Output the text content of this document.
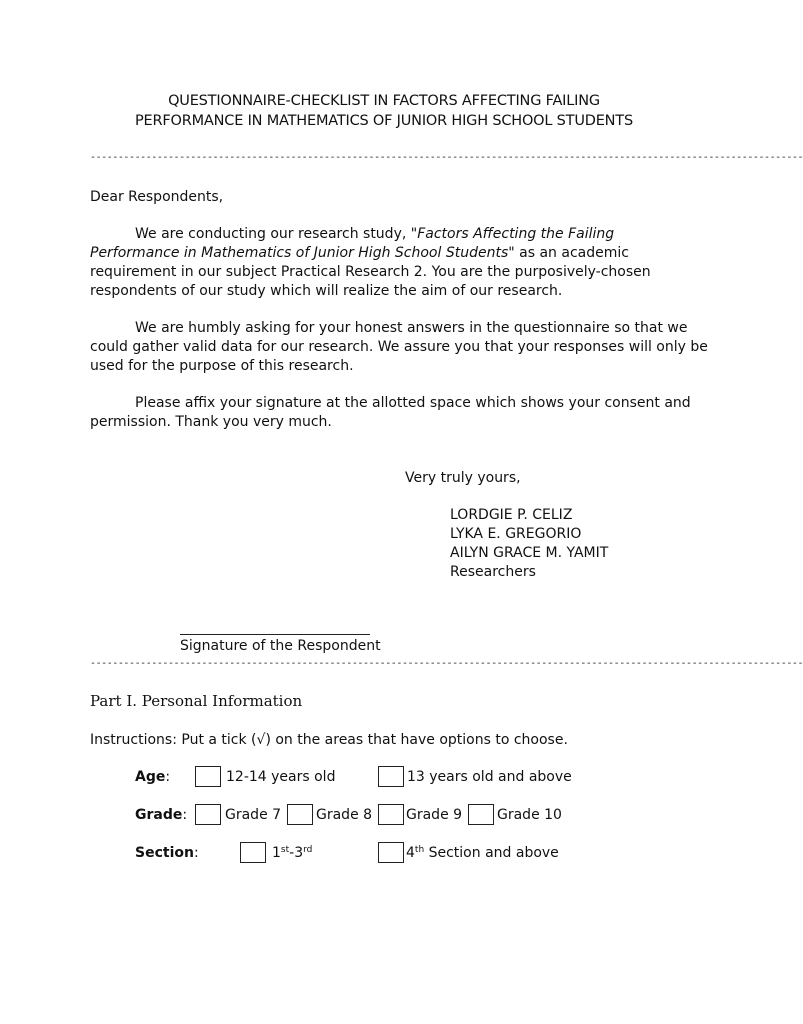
QUESTIONNAIRE-CHECKLIST IN FACTORS AFFECTING FAILING
PERFORMANCE IN MATHEMATICS OF JUNIOR HIGH SCHOOL STUDENTS
--------------------------------------------------------------------------------------------------------------------------------
Dear Respondents,
We are conducting our research study, "Factors Affecting the Failing
Performance in Mathematics of Junior High School Students" as an academic
requirement in our subject Practical Research 2. You are the purposively-chosen
respondents of our study which will realize the aim of our research.
We are humbly asking for your honest answers in the questionnaire so that we
could gather valid data for our research. We assure you that your responses will only be
used for the purpose of this research.
Please affix your signature at the allotted space which shows your consent and
permission. Thank you very much.
Very truly yours,
LORDGIE P. CELIZ
LYKA E. GREGORIO
AILYN GRACE M. YAMIT
Researchers
Signature of the Respondent
--------------------------------------------------------------------------------------------------------------------------------
Part I. Personal Information
Instructions: Put a tick (√) on the areas that have options to choose.
Age:	12-14 years old	13 years old and above
Grade:	Grade 7 Grade 8 Grade 9 Grade 10
Section:	1st-3rd	4th Section and above
